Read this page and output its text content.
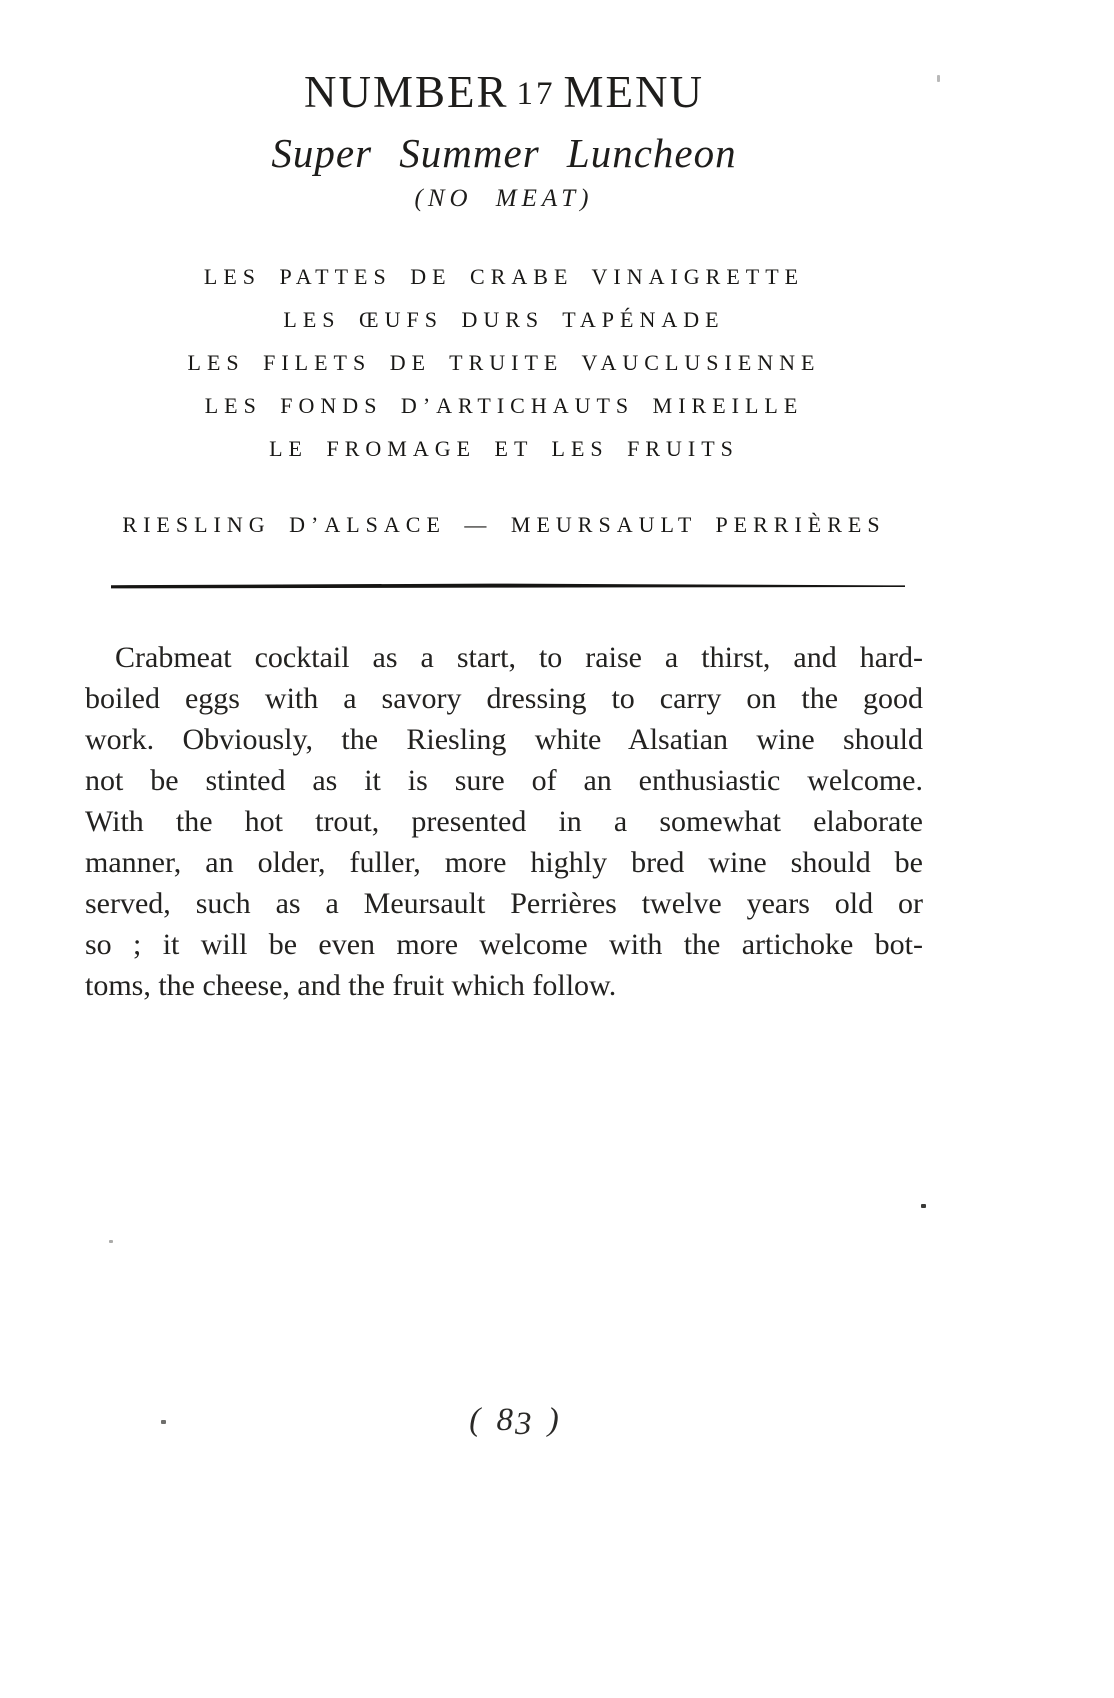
NUMBER 17 MENU
Super Summer Luncheon
(NO MEAT)
LES PATTES DE CRABE VINAIGRETTE
LES ŒUFS DURS TAPÉNADE
LES FILETS DE TRUITE VAUCLUSIENNE
LES FONDS D’ARTICHAUTS MIREILLE
LE FROMAGE ET LES FRUITS
RIESLING D’ALSACE — MEURSAULT PERRIÈRES
Crabmeat cocktail as a start, to raise a thirst, and hard-
boiled eggs with a savory dressing to carry on the good
work. Obviously, the Riesling white Alsatian wine should
not be stinted as it is sure of an enthusiastic welcome.
With the hot trout, presented in a somewhat elaborate
manner, an older, fuller, more highly bred wine should be
served, such as a Meursault Perrières twelve years old or
so ; it will be even more welcome with the artichoke bot-
toms, the cheese, and the fruit which follow.
( 83 )
